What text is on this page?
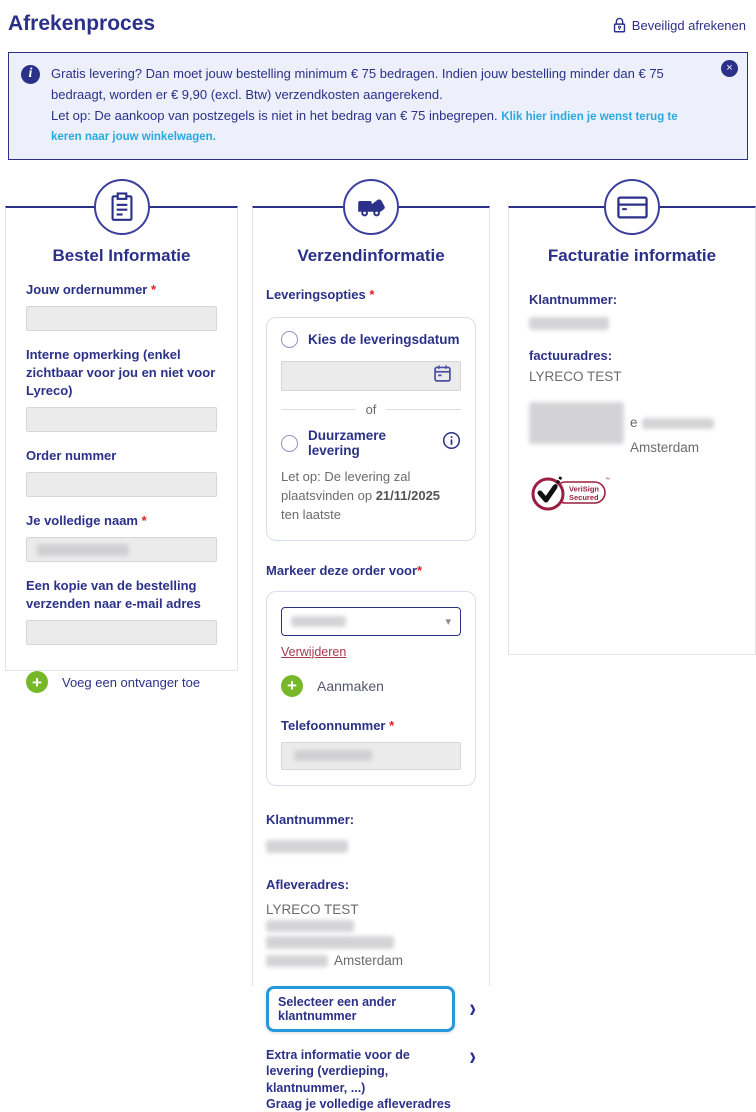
Afrekenproces	Beveiligd afrekenen
i	×
Gratis levering? Dan moet jouw bestelling minimum € 75 bedragen. Indien jouw bestelling minder dan € 75 bedraagt, worden er € 9,90 (excl. Btw) verzendkosten aangerekend.
Let op: De aankoop van postzegels is niet in het bedrag van € 75 inbegrepen. Klik hier indien je wenst terug te keren naar jouw winkelwagen.
Bestel Informatie
Jouw ordernummer *
Interne opmerking (enkel zichtbaar voor jou en niet voor Lyreco)
Order nummer
Je volledige naam *
Een kopie van de bestelling verzenden naar e-mail adres
+	Voeg een ontvanger toe
Verzendinformatie
Leveringsopties *
Kies de leveringsdatum
of
Duurzamere levering
Let op: De levering zal plaatsvinden op 21/11/2025 ten laatste
Markeer deze order voor*
▾
Verwijderen
+	Aanmaken
Telefoonnummer *
Klantnummer:
Afleveradres:
LYRECO TEST
Amsterdam
Selecteer een ander klantnummer	›
Extra informatie voor de levering (verdieping, klantnummer, ...)
Graag je volledige afleveradres
›
Facturatie informatie
Klantnummer:
factuuradres:
LYRECO TEST
e
Amsterdam
VeriSign
Secured
™
